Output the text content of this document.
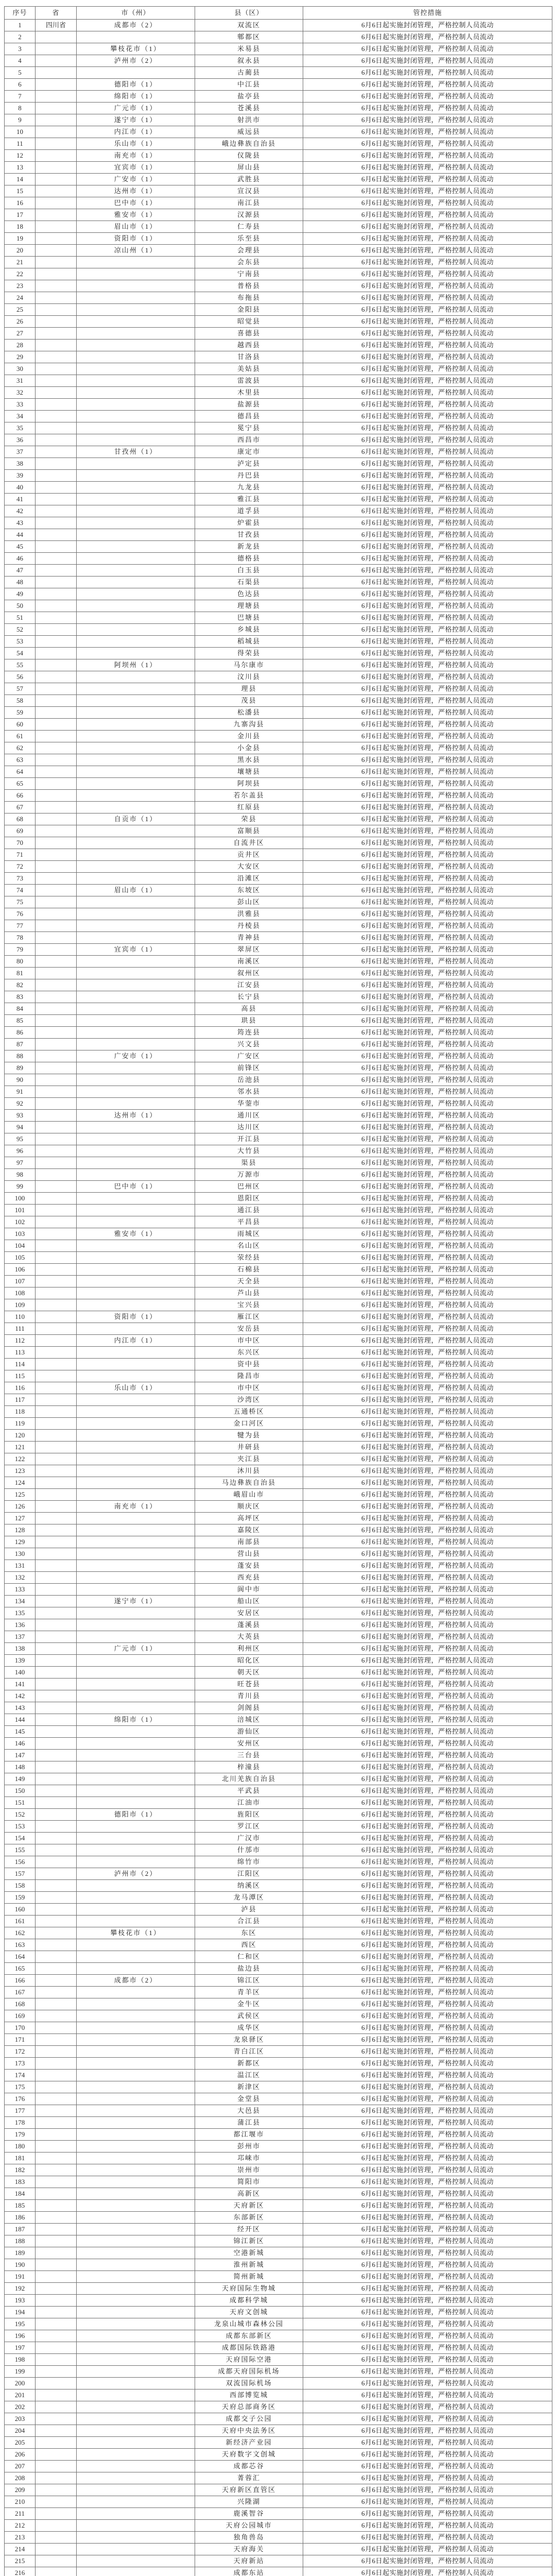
序号	省	市（州）	县（区）	管控措施
1	四川省	成都市（2）	双流区	6月6日起实施封闭管理，严格控制人员流动
2			郫都区	6月6日起实施封闭管理，严格控制人员流动
3		攀枝花市（1）	米易县	6月6日起实施封闭管理，严格控制人员流动
4		泸州市（2）	叙永县	6月6日起实施封闭管理，严格控制人员流动
5			古蔺县	6月6日起实施封闭管理，严格控制人员流动
6		德阳市（1）	中江县	6月6日起实施封闭管理，严格控制人员流动
7		绵阳市（1）	盐亭县	6月6日起实施封闭管理，严格控制人员流动
8		广元市（1）	苍溪县	6月6日起实施封闭管理，严格控制人员流动
9		遂宁市（1）	射洪市	6月6日起实施封闭管理，严格控制人员流动
10		内江市（1）	威远县	6月6日起实施封闭管理，严格控制人员流动
11		乐山市（1）	峨边彝族自治县	6月6日起实施封闭管理，严格控制人员流动
12		南充市（1）	仪陇县	6月6日起实施封闭管理，严格控制人员流动
13		宜宾市（1）	屏山县	6月6日起实施封闭管理，严格控制人员流动
14		广安市（1）	武胜县	6月6日起实施封闭管理，严格控制人员流动
15		达州市（1）	宣汉县	6月6日起实施封闭管理，严格控制人员流动
16		巴中市（1）	南江县	6月6日起实施封闭管理，严格控制人员流动
17		雅安市（1）	汉源县	6月6日起实施封闭管理，严格控制人员流动
18		眉山市（1）	仁寿县	6月6日起实施封闭管理，严格控制人员流动
19		资阳市（1）	乐至县	6月6日起实施封闭管理，严格控制人员流动
20		凉山州（1）	会理县	6月6日起实施封闭管理，严格控制人员流动
21			会东县	6月6日起实施封闭管理，严格控制人员流动
22			宁南县	6月6日起实施封闭管理，严格控制人员流动
23			普格县	6月6日起实施封闭管理，严格控制人员流动
24			布拖县	6月6日起实施封闭管理，严格控制人员流动
25			金阳县	6月6日起实施封闭管理，严格控制人员流动
26			昭觉县	6月6日起实施封闭管理，严格控制人员流动
27			喜德县	6月6日起实施封闭管理，严格控制人员流动
28			越西县	6月6日起实施封闭管理，严格控制人员流动
29			甘洛县	6月6日起实施封闭管理，严格控制人员流动
30			美姑县	6月6日起实施封闭管理，严格控制人员流动
31			雷波县	6月6日起实施封闭管理，严格控制人员流动
32			木里县	6月6日起实施封闭管理，严格控制人员流动
33			盐源县	6月6日起实施封闭管理，严格控制人员流动
34			德昌县	6月6日起实施封闭管理，严格控制人员流动
35			冕宁县	6月6日起实施封闭管理，严格控制人员流动
36			西昌市	6月6日起实施封闭管理，严格控制人员流动
37		甘孜州（1）	康定市	6月6日起实施封闭管理，严格控制人员流动
38			泸定县	6月6日起实施封闭管理，严格控制人员流动
39			丹巴县	6月6日起实施封闭管理，严格控制人员流动
40			九龙县	6月6日起实施封闭管理，严格控制人员流动
41			雅江县	6月6日起实施封闭管理，严格控制人员流动
42			道孚县	6月6日起实施封闭管理，严格控制人员流动
43			炉霍县	6月6日起实施封闭管理，严格控制人员流动
44			甘孜县	6月6日起实施封闭管理，严格控制人员流动
45			新龙县	6月6日起实施封闭管理，严格控制人员流动
46			德格县	6月6日起实施封闭管理，严格控制人员流动
47			白玉县	6月6日起实施封闭管理，严格控制人员流动
48			石渠县	6月6日起实施封闭管理，严格控制人员流动
49			色达县	6月6日起实施封闭管理，严格控制人员流动
50			理塘县	6月6日起实施封闭管理，严格控制人员流动
51			巴塘县	6月6日起实施封闭管理，严格控制人员流动
52			乡城县	6月6日起实施封闭管理，严格控制人员流动
53			稻城县	6月6日起实施封闭管理，严格控制人员流动
54			得荣县	6月6日起实施封闭管理，严格控制人员流动
55		阿坝州（1）	马尔康市	6月6日起实施封闭管理，严格控制人员流动
56			汶川县	6月6日起实施封闭管理，严格控制人员流动
57			理县	6月6日起实施封闭管理，严格控制人员流动
58			茂县	6月6日起实施封闭管理，严格控制人员流动
59			松潘县	6月6日起实施封闭管理，严格控制人员流动
60			九寨沟县	6月6日起实施封闭管理，严格控制人员流动
61			金川县	6月6日起实施封闭管理，严格控制人员流动
62			小金县	6月6日起实施封闭管理，严格控制人员流动
63			黑水县	6月6日起实施封闭管理，严格控制人员流动
64			壤塘县	6月6日起实施封闭管理，严格控制人员流动
65			阿坝县	6月6日起实施封闭管理，严格控制人员流动
66			若尔盖县	6月6日起实施封闭管理，严格控制人员流动
67			红原县	6月6日起实施封闭管理，严格控制人员流动
68		自贡市（1）	荣县	6月6日起实施封闭管理，严格控制人员流动
69			富顺县	6月6日起实施封闭管理，严格控制人员流动
70			自流井区	6月6日起实施封闭管理，严格控制人员流动
71			贡井区	6月6日起实施封闭管理，严格控制人员流动
72			大安区	6月6日起实施封闭管理，严格控制人员流动
73			沿滩区	6月6日起实施封闭管理，严格控制人员流动
74		眉山市（1）	东坡区	6月6日起实施封闭管理，严格控制人员流动
75			彭山区	6月6日起实施封闭管理，严格控制人员流动
76			洪雅县	6月6日起实施封闭管理，严格控制人员流动
77			丹棱县	6月6日起实施封闭管理，严格控制人员流动
78			青神县	6月6日起实施封闭管理，严格控制人员流动
79		宜宾市（1）	翠屏区	6月6日起实施封闭管理，严格控制人员流动
80			南溪区	6月6日起实施封闭管理，严格控制人员流动
81			叙州区	6月6日起实施封闭管理，严格控制人员流动
82			江安县	6月6日起实施封闭管理，严格控制人员流动
83			长宁县	6月6日起实施封闭管理，严格控制人员流动
84			高县	6月6日起实施封闭管理，严格控制人员流动
85			珙县	6月6日起实施封闭管理，严格控制人员流动
86			筠连县	6月6日起实施封闭管理，严格控制人员流动
87			兴文县	6月6日起实施封闭管理，严格控制人员流动
88		广安市（1）	广安区	6月6日起实施封闭管理，严格控制人员流动
89			前锋区	6月6日起实施封闭管理，严格控制人员流动
90			岳池县	6月6日起实施封闭管理，严格控制人员流动
91			邻水县	6月6日起实施封闭管理，严格控制人员流动
92			华蓥市	6月6日起实施封闭管理，严格控制人员流动
93		达州市（1）	通川区	6月6日起实施封闭管理，严格控制人员流动
94			达川区	6月6日起实施封闭管理，严格控制人员流动
95			开江县	6月6日起实施封闭管理，严格控制人员流动
96			大竹县	6月6日起实施封闭管理，严格控制人员流动
97			渠县	6月6日起实施封闭管理，严格控制人员流动
98			万源市	6月6日起实施封闭管理，严格控制人员流动
99		巴中市（1）	巴州区	6月6日起实施封闭管理，严格控制人员流动
100			恩阳区	6月6日起实施封闭管理，严格控制人员流动
101			通江县	6月6日起实施封闭管理，严格控制人员流动
102			平昌县	6月6日起实施封闭管理，严格控制人员流动
103		雅安市（1）	雨城区	6月6日起实施封闭管理，严格控制人员流动
104			名山区	6月6日起实施封闭管理，严格控制人员流动
105			荥经县	6月6日起实施封闭管理，严格控制人员流动
106			石棉县	6月6日起实施封闭管理，严格控制人员流动
107			天全县	6月6日起实施封闭管理，严格控制人员流动
108			芦山县	6月6日起实施封闭管理，严格控制人员流动
109			宝兴县	6月6日起实施封闭管理，严格控制人员流动
110		资阳市（1）	雁江区	6月6日起实施封闭管理，严格控制人员流动
111			安岳县	6月6日起实施封闭管理，严格控制人员流动
112		内江市（1）	市中区	6月6日起实施封闭管理，严格控制人员流动
113			东兴区	6月6日起实施封闭管理，严格控制人员流动
114			资中县	6月6日起实施封闭管理，严格控制人员流动
115			隆昌市	6月6日起实施封闭管理，严格控制人员流动
116		乐山市（1）	市中区	6月6日起实施封闭管理，严格控制人员流动
117			沙湾区	6月6日起实施封闭管理，严格控制人员流动
118			五通桥区	6月6日起实施封闭管理，严格控制人员流动
119			金口河区	6月6日起实施封闭管理，严格控制人员流动
120			犍为县	6月6日起实施封闭管理，严格控制人员流动
121			井研县	6月6日起实施封闭管理，严格控制人员流动
122			夹江县	6月6日起实施封闭管理，严格控制人员流动
123			沐川县	6月6日起实施封闭管理，严格控制人员流动
124			马边彝族自治县	6月6日起实施封闭管理，严格控制人员流动
125			峨眉山市	6月6日起实施封闭管理，严格控制人员流动
126		南充市（1）	顺庆区	6月6日起实施封闭管理，严格控制人员流动
127			高坪区	6月6日起实施封闭管理，严格控制人员流动
128			嘉陵区	6月6日起实施封闭管理，严格控制人员流动
129			南部县	6月6日起实施封闭管理，严格控制人员流动
130			营山县	6月6日起实施封闭管理，严格控制人员流动
131			蓬安县	6月6日起实施封闭管理，严格控制人员流动
132			西充县	6月6日起实施封闭管理，严格控制人员流动
133			阆中市	6月6日起实施封闭管理，严格控制人员流动
134		遂宁市（1）	船山区	6月6日起实施封闭管理，严格控制人员流动
135			安居区	6月6日起实施封闭管理，严格控制人员流动
136			蓬溪县	6月6日起实施封闭管理，严格控制人员流动
137			大英县	6月6日起实施封闭管理，严格控制人员流动
138		广元市（1）	利州区	6月6日起实施封闭管理，严格控制人员流动
139			昭化区	6月6日起实施封闭管理，严格控制人员流动
140			朝天区	6月6日起实施封闭管理，严格控制人员流动
141			旺苍县	6月6日起实施封闭管理，严格控制人员流动
142			青川县	6月6日起实施封闭管理，严格控制人员流动
143			剑阁县	6月6日起实施封闭管理，严格控制人员流动
144		绵阳市（1）	涪城区	6月6日起实施封闭管理，严格控制人员流动
145			游仙区	6月6日起实施封闭管理，严格控制人员流动
146			安州区	6月6日起实施封闭管理，严格控制人员流动
147			三台县	6月6日起实施封闭管理，严格控制人员流动
148			梓潼县	6月6日起实施封闭管理，严格控制人员流动
149			北川羌族自治县	6月6日起实施封闭管理，严格控制人员流动
150			平武县	6月6日起实施封闭管理，严格控制人员流动
151			江油市	6月6日起实施封闭管理，严格控制人员流动
152		德阳市（1）	旌阳区	6月6日起实施封闭管理，严格控制人员流动
153			罗江区	6月6日起实施封闭管理，严格控制人员流动
154			广汉市	6月6日起实施封闭管理，严格控制人员流动
155			什邡市	6月6日起实施封闭管理，严格控制人员流动
156			绵竹市	6月6日起实施封闭管理，严格控制人员流动
157		泸州市（2）	江阳区	6月6日起实施封闭管理，严格控制人员流动
158			纳溪区	6月6日起实施封闭管理，严格控制人员流动
159			龙马潭区	6月6日起实施封闭管理，严格控制人员流动
160			泸县	6月6日起实施封闭管理，严格控制人员流动
161			合江县	6月6日起实施封闭管理，严格控制人员流动
162		攀枝花市（1）	东区	6月6日起实施封闭管理，严格控制人员流动
163			西区	6月6日起实施封闭管理，严格控制人员流动
164			仁和区	6月6日起实施封闭管理，严格控制人员流动
165			盐边县	6月6日起实施封闭管理，严格控制人员流动
166		成都市（2）	锦江区	6月6日起实施封闭管理，严格控制人员流动
167			青羊区	6月6日起实施封闭管理，严格控制人员流动
168			金牛区	6月6日起实施封闭管理，严格控制人员流动
169			武侯区	6月6日起实施封闭管理，严格控制人员流动
170			成华区	6月6日起实施封闭管理，严格控制人员流动
171			龙泉驿区	6月6日起实施封闭管理，严格控制人员流动
172			青白江区	6月6日起实施封闭管理，严格控制人员流动
173			新都区	6月6日起实施封闭管理，严格控制人员流动
174			温江区	6月6日起实施封闭管理，严格控制人员流动
175			新津区	6月6日起实施封闭管理，严格控制人员流动
176			金堂县	6月6日起实施封闭管理，严格控制人员流动
177			大邑县	6月6日起实施封闭管理，严格控制人员流动
178			蒲江县	6月6日起实施封闭管理，严格控制人员流动
179			都江堰市	6月6日起实施封闭管理，严格控制人员流动
180			彭州市	6月6日起实施封闭管理，严格控制人员流动
181			邛崃市	6月6日起实施封闭管理，严格控制人员流动
182			崇州市	6月6日起实施封闭管理，严格控制人员流动
183			简阳市	6月6日起实施封闭管理，严格控制人员流动
184			高新区	6月6日起实施封闭管理，严格控制人员流动
185			天府新区	6月6日起实施封闭管理，严格控制人员流动
186			东部新区	6月6日起实施封闭管理，严格控制人员流动
187			经开区	6月6日起实施封闭管理，严格控制人员流动
188			锦江新区	6月6日起实施封闭管理，严格控制人员流动
189			空港新城	6月6日起实施封闭管理，严格控制人员流动
190			淮州新城	6月6日起实施封闭管理，严格控制人员流动
191			简州新城	6月6日起实施封闭管理，严格控制人员流动
192			天府国际生物城	6月6日起实施封闭管理，严格控制人员流动
193			成都科学城	6月6日起实施封闭管理，严格控制人员流动
194			天府文创城	6月6日起实施封闭管理，严格控制人员流动
195			龙泉山城市森林公园	6月6日起实施封闭管理，严格控制人员流动
196			成都东部新区	6月6日起实施封闭管理，严格控制人员流动
197			成都国际铁路港	6月6日起实施封闭管理，严格控制人员流动
198			天府国际空港	6月6日起实施封闭管理，严格控制人员流动
199			成都天府国际机场	6月6日起实施封闭管理，严格控制人员流动
200			双流国际机场	6月6日起实施封闭管理，严格控制人员流动
201			西部博览城	6月6日起实施封闭管理，严格控制人员流动
202			天府总部商务区	6月6日起实施封闭管理，严格控制人员流动
203			成都交子公园	6月6日起实施封闭管理，严格控制人员流动
204			天府中央法务区	6月6日起实施封闭管理，严格控制人员流动
205			新经济产业园	6月6日起实施封闭管理，严格控制人员流动
206			天府数字文创城	6月6日起实施封闭管理，严格控制人员流动
207			成都芯谷	6月6日起实施封闭管理，严格控制人员流动
208			菁蓉汇	6月6日起实施封闭管理，严格控制人员流动
209			天府新区直管区	6月6日起实施封闭管理，严格控制人员流动
210			兴隆湖	6月6日起实施封闭管理，严格控制人员流动
211			鹿溪智谷	6月6日起实施封闭管理，严格控制人员流动
212			天府公园城市	6月6日起实施封闭管理，严格控制人员流动
213			独角兽岛	6月6日起实施封闭管理，严格控制人员流动
214			天府海关	6月6日起实施封闭管理，严格控制人员流动
215			天府新站	6月6日起实施封闭管理，严格控制人员流动
216			成都东站	6月6日起实施封闭管理，严格控制人员流动
